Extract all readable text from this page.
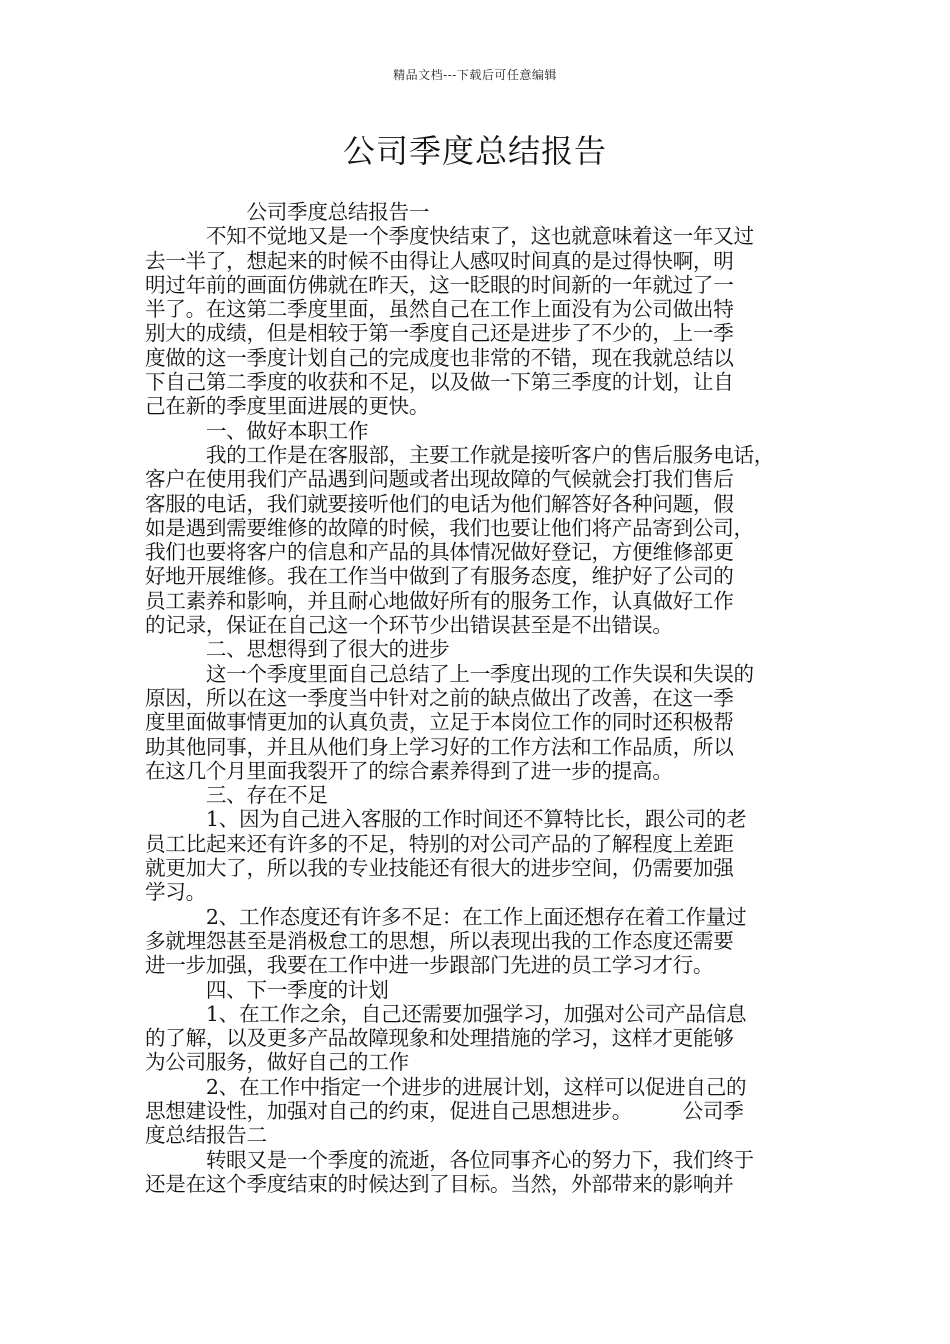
精品文档---下载后可任意编辑
公司季度总结报告
　　　　　公司季度总结报告一
　　　不知不觉地又是一个季度快结束了，这也就意味着这一年又过
去一半了，想起来的时候不由得让人感叹时间真的是过得快啊，明
明过年前的画面仿佛就在昨天，这一眨眼的时间新的一年就过了一
半了。在这第二季度里面，虽然自己在工作上面没有为公司做出特
别大的成绩，但是相较于第一季度自己还是进步了不少的，上一季
度做的这一季度计划自己的完成度也非常的不错，现在我就总结以
下自己第二季度的收获和不足，以及做一下第三季度的计划，让自
己在新的季度里面进展的更快。
　　　一、做好本职工作
　　　我的工作是在客服部，主要工作就是接听客户的售后服务电话，
客户在使用我们产品遇到问题或者出现故障的气候就会打我们售后
客服的电话，我们就要接听他们的电话为他们解答好各种问题，假
如是遇到需要维修的故障的时候，我们也要让他们将产品寄到公司，
我们也要将客户的信息和产品的具体情况做好登记，方便维修部更
好地开展维修。我在工作当中做到了有服务态度，维护好了公司的
员工素养和影响，并且耐心地做好所有的服务工作，认真做好工作
的记录，保证在自己这一个环节少出错误甚至是不出错误。
　　　二、思想得到了很大的进步
　　　这一个季度里面自己总结了上一季度出现的工作失误和失误的
原因，所以在这一季度当中针对之前的缺点做出了改善，在这一季
度里面做事情更加的认真负责，立足于本岗位工作的同时还积极帮
助其他同事，并且从他们身上学习好的工作方法和工作品质，所以
在这几个月里面我裂开了的综合素养得到了进一步的提高。
　　　三、存在不足
　　　1、因为自己进入客服的工作时间还不算特比长，跟公司的老
员工比起来还有许多的不足，特别的对公司产品的了解程度上差距
就更加大了，所以我的专业技能还有很大的进步空间，仍需要加强
学习。
　　　2、工作态度还有许多不足：在工作上面还想存在着工作量过
多就埋怨甚至是消极怠工的思想，所以表现出我的工作态度还需要
进一步加强，我要在工作中进一步跟部门先进的员工学习才行。
　　　四、下一季度的计划
　　　1、在工作之余，自己还需要加强学习，加强对公司产品信息
的了解，以及更多产品故障现象和处理措施的学习，这样才更能够
为公司服务，做好自己的工作
　　　2、在工作中指定一个进步的进展计划，这样可以促进自己的
思想建设性，加强对自己的约束，促进自己思想进步。　　　公司季
度总结报告二
　　　转眼又是一个季度的流逝，各位同事齐心的努力下，我们终于
还是在这个季度结束的时候达到了目标。当然，外部带来的影响并
